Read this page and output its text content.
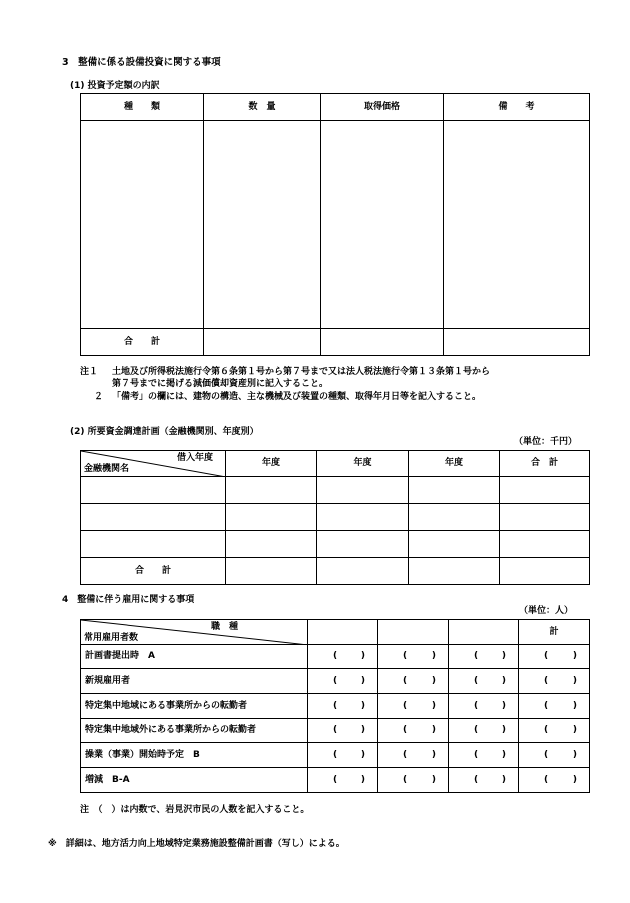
3　整備に係る設備投資に関する事項
(1) 投資予定額の内訳
種　　類	数　量	取得価格	備　　考

合　　計			
注１ 土地及び所得税法施行令第６条第１号から第７号まで又は法人税法施行令第１３条第１号から
第７号までに掲げる減価償却資産別に記入すること。
２ 「備考」の欄には、建物の構造、主な機械及び装置の種類、取得年月日等を記入すること。
(2) 所要資金調達計画（金融機関別、年度別）
（単位：千円）
借入年度
金融機関名	年度	年度	年度	合　計

合　　計				
4　整備に伴う雇用に関する事項
（単位：人）
職　種
常用雇用者数				計
計画書提出時　A	( )	( )	( )	( )

新規雇用者	( )	( )	( )	( )

特定集中地域にある事業所からの転勤者	( )	( )	( )	( )

特定集中地域外にある事業所からの転勤者	( )	( )	( )	( )

操業（事業）開始時予定　B	( )	( )	( )	( )

増減　B-A	( )	( )	( )	( )
注　（　）は内数で、岩見沢市民の人数を記入すること。
※　詳細は、地方活力向上地域特定業務施設整備計画書（写し）による。
